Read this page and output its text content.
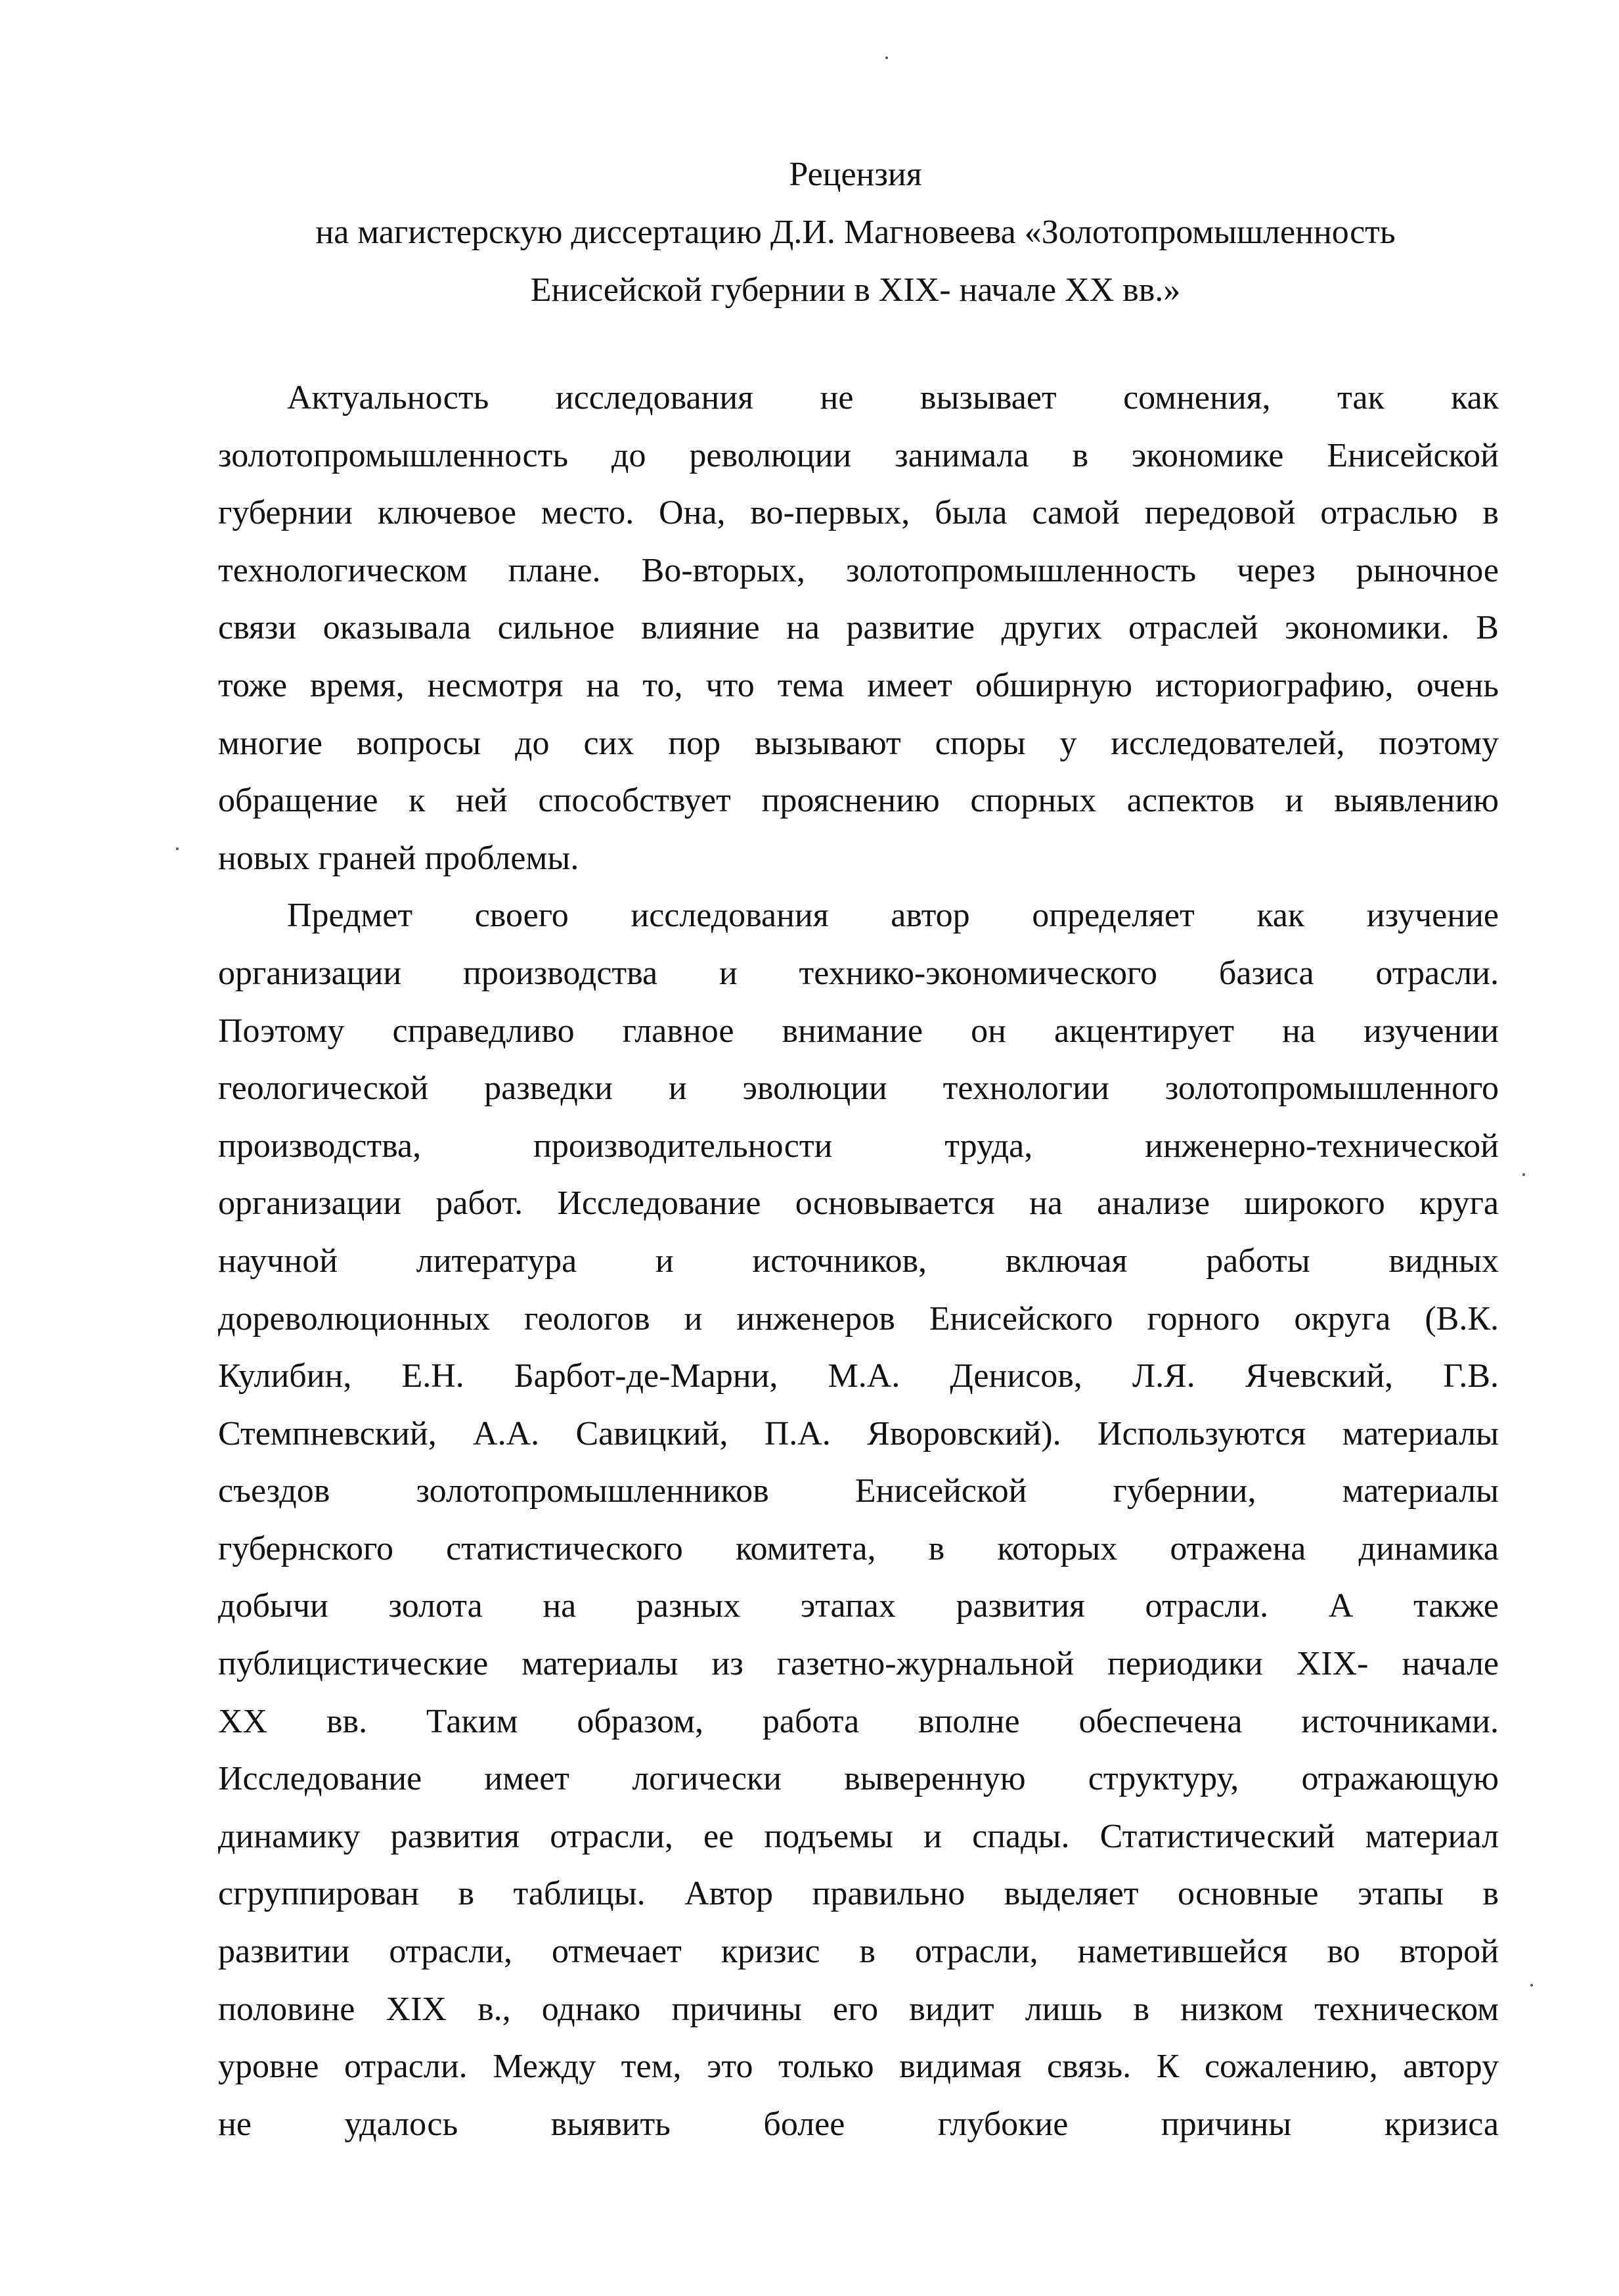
Рецензия
на магистерскую диссертацию Д.И. Магновеева «Золотопромышленность
Енисейской губернии в XIX- начале XX вв.»
Актуальность исследования не вызывает сомнения, так как
золотопромышленность до революции занимала в экономике Енисейской
губернии ключевое место. Она, во-первых, была самой передовой отраслью в
технологическом плане. Во-вторых, золотопромышленность через рыночное
связи оказывала сильное влияние на развитие других отраслей экономики. В
тоже время, несмотря на то, что тема имеет обширную историографию, очень
многие вопросы до сих пор вызывают споры у исследователей, поэтому
обращение к ней способствует прояснению спорных аспектов и выявлению
новых граней проблемы.
Предмет своего исследования автор определяет как изучение
организации производства и технико-экономического базиса отрасли.
Поэтому справедливо главное внимание он акцентирует на изучении
геологической разведки и эволюции технологии золотопромышленного
производства, производительности труда, инженерно-технической
организации работ. Исследование основывается на анализе широкого круга
научной литература и источников, включая работы видных
дореволюционных геологов и инженеров Енисейского горного округа (В.К.
Кулибин, Е.Н. Барбот-де-Марни, М.А. Денисов, Л.Я. Ячевский, Г.В.
Стемпневский, А.А. Савицкий, П.А. Яворовский). Используются материалы
съездов золотопромышленников Енисейской губернии, материалы
губернского статистического комитета, в которых отражена динамика
добычи золота на разных этапах развития отрасли. А также
публицистические материалы из газетно-журнальной периодики XIX- начале
XX вв. Таким образом, работа вполне обеспечена источниками.
Исследование имеет логически выверенную структуру, отражающую
динамику развития отрасли, ее подъемы и спады. Статистический материал
сгруппирован в таблицы. Автор правильно выделяет основные этапы в
развитии отрасли, отмечает кризис в отрасли, наметившейся во второй
половине XIX в., однако причины его видит лишь в низком техническом
уровне отрасли. Между тем, это только видимая связь. К сожалению, автору
не удалось выявить более глубокие причины кризиса
